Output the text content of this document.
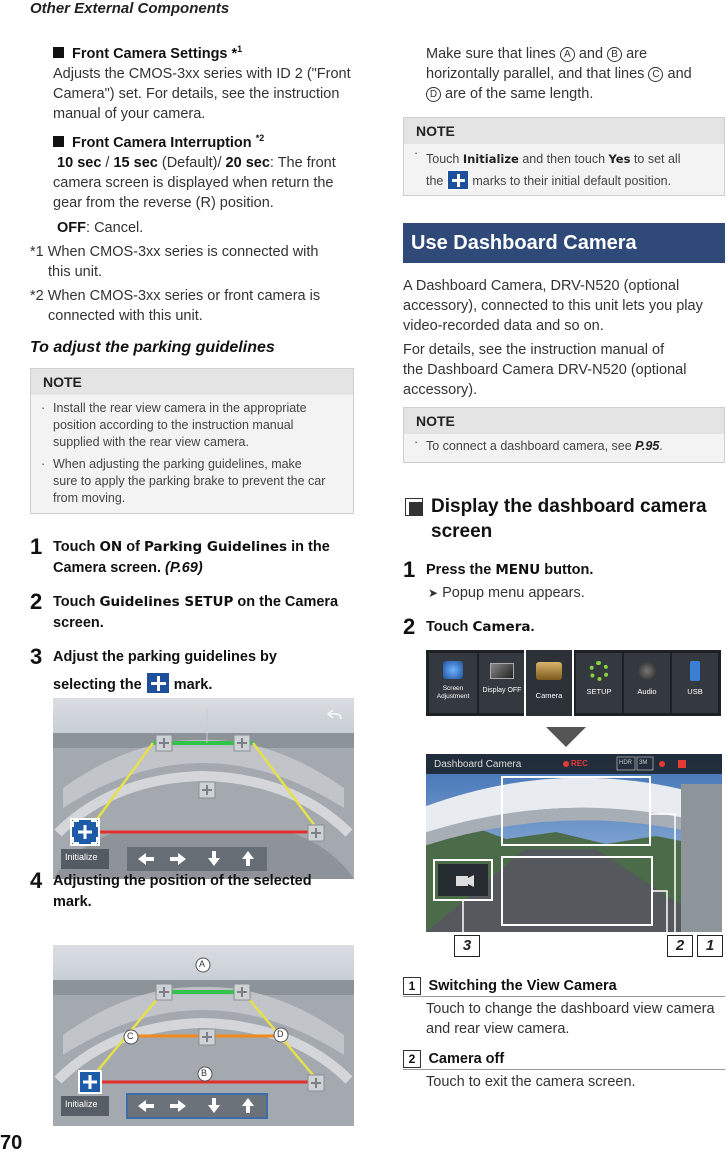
Other External Components
Front Camera Settings *$^1$
Adjusts the CMOS-3xx series with ID 2 ("Front
Camera") set. For details, see the instruction
manual of your camera.
Front Camera Interruption $^{*2}$
10 sec / 15 sec (Default)/ 20 sec: The front
camera screen is displayed when return the
gear from the reverse (R) position.
OFF: Cancel.
*1 When CMOS-3xx series is connected with
this unit.
*2 When CMOS-3xx series or front camera is
connected with this unit.
To adjust the parking guidelines
NOTE
· Install the rear view camera in the appropriate
position according to the instruction manual
supplied with the rear view camera.
· When adjusting the parking guidelines, make
sure to apply the parking brake to prevent the car
from moving.
1 Touch ON of Parking Guidelines in the
Camera screen. (P.69)
2 Touch Guidelines SETUP on the Camera
screen.
3 Adjust the parking guidelines by
selecting the mark.
Initialize
4 Adjusting the position of the selected
mark.
A
C	D
B
Initialize
Make sure that lines A and B are
horizontally parallel, and that lines C and
D are of the same length.
NOTE
· Touch Initialize and then touch Yes to set all
the marks to their initial default position.
Use Dashboard Camera
A Dashboard Camera, DRV-N520 (optional
accessory), connected to this unit lets you play
video-recorded data and so on.
For details, see the instruction manual of
the Dashboard Camera DRV-N520 (optional
accessory).
NOTE
· To connect a dashboard camera, see P.95.
Display the dashboard camera
screen
1 Press the MENU button.
➤ Popup menu appears.
2 Touch Camera.
Screen Adjustment
Display OFF
Camera	SETUP	Audio	USB
Dashboard Camera	REC	HDR 3M
3	2	1
1 Switching the View Camera
Touch to change the dashboard view camera
and rear view camera.
2 Camera off
Touch to exit the camera screen.
70
